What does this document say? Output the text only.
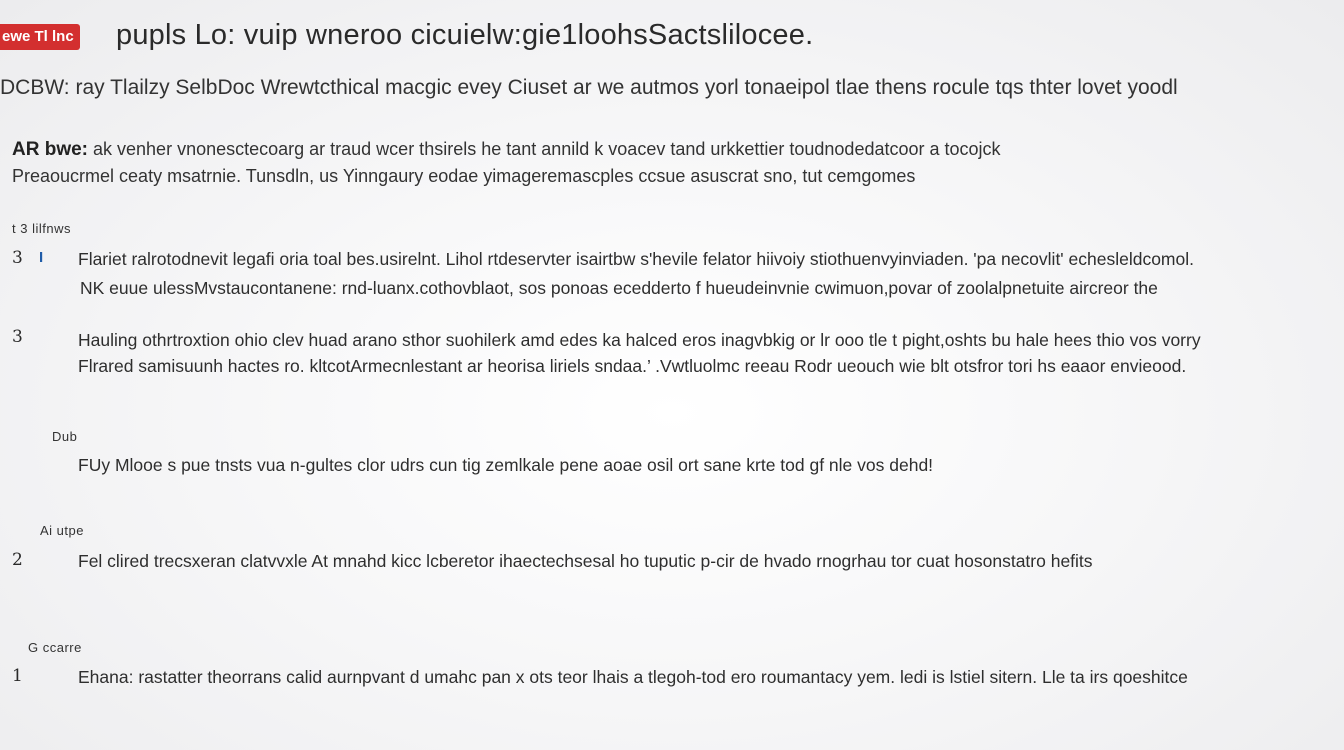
ewe Tl lnc pupls Lo: vuip wneroo cicuielw:gie1loohsSactslilocee.
DCBW: ray Tlailzy SelbDoc Wrewtcthical macgic evey Ciuset ar we autmos yorl tonaeipol tlae thens rocule tqs thter lovet yoodl
AR bwe: ak venher vnonesctecoarg ar traud wcer thsirels he tant annild k voacev tand urkkettier toudnodedatcoor a tocojck
Preaoucrmel ceaty msatrnie. Tunsdln, us Yinngaury eodae yimageremascples ccsue asuscrat sno, tut cemgomes
t 3 lilfnws
3 I Flariet ralrotodnevit legafi oria toal bes.usirelnt. Lihol rtdeservter isairtbw s'hevile felator hiivoiy stiothuenvyinviaden. 'pa necovlit' echesleldcomol.
NK euue ulessMvstaucontanene: rnd-luanx.cothovblaot, sos ponoas ecedderto f hueudeinvnie cwimuon,povar of zoolalpnetuite aircreor the
3	Hauling othrtroxtion ohio clev huad arano sthor suohilerk amd edes ka halced eros inagvbkig or lr ooo tle t pight,oshts bu hale hees thio vos vorry
Flrared samisuunh hactes ro. kltcotArmecnlestant ar heorisa liriels sndaa.’ .Vwtluolmc reeau Rodr ueouch wie blt otsfror tori hs eaaor envieood.
Dub
FUy Mlooe s pue tnsts vua n-gultes clor udrs cun tig zemlkale pene aoae osil ort sane krte tod gf nle vos dehd!
Ai utpe
2	Fel clired trecsxeran clatvvxle At mnahd kicc lcberetor ihaectechsesal ho tuputic p-cir de hvado rnogrhau tor cuat hosonstatro hefits
G ccarre
1	Ehana: rastatter theorrans calid aurnpvant d umahc pan x ots teor lhais a tlegoh-tod ero roumantacy yem. ledi is lstiel sitern. Lle ta irs qoeshitce
